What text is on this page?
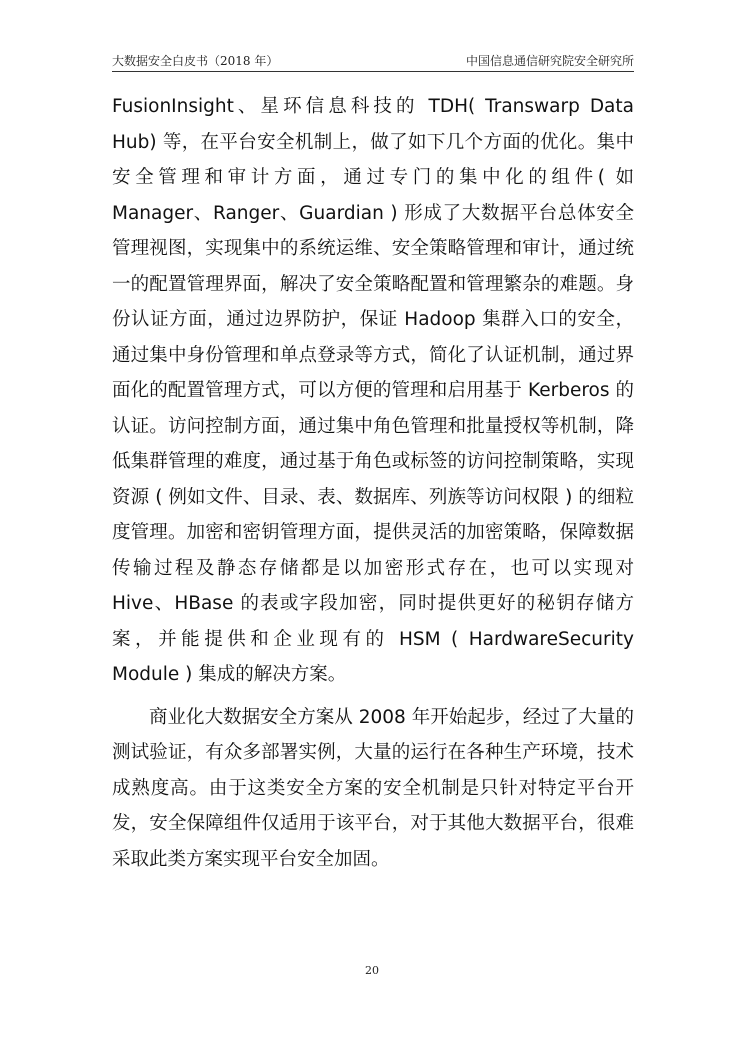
大数据安全白皮书（2018 年）	中国信息通信研究院安全研究所

FusionInsight、星环信息科技的 TDH( Transwarp Data Hub) 等，在平台安全机制上，做了如下几个方面的优化。集中安全管理和审计方面，通过专门的集中化的组件( 如 Manager、Ranger、Guardian ) 形成了大数据平台总体安全管理视图，实现集中的系统运维、安全策略管理和审计，通过统一的配置管理界面，解决了安全策略配置和管理繁杂的难题。身份认证方面，通过边界防护，保证 Hadoop 集群入口的安全，通过集中身份管理和单点登录等方式，简化了认证机制，通过界面化的配置管理方式，可以方便的管理和启用基于 Kerberos 的认证。访问控制方面，通过集中角色管理和批量授权等机制，降低集群管理的难度，通过基于角色或标签的访问控制策略，实现资源 ( 例如文件、目录、表、数据库、列族等访问权限 ) 的细粒度管理。加密和密钥管理方面，提供灵活的加密策略，保障数据传输过程及静态存储都是以加密形式存在，也可以实现对 Hive、HBase 的表或字段加密，同时提供更好的秘钥存储方案，并能提供和企业现有的 HSM ( HardwareSecurity Module ) 集成的解决方案。

商业化大数据安全方案从 2008 年开始起步，经过了大量的测试验证，有众多部署实例，大量的运行在各种生产环境，技术成熟度高。由于这类安全方案的安全机制是只针对特定平台开发，安全保障组件仅适用于该平台，对于其他大数据平台，很难采取此类方案实现平台安全加固。

20
